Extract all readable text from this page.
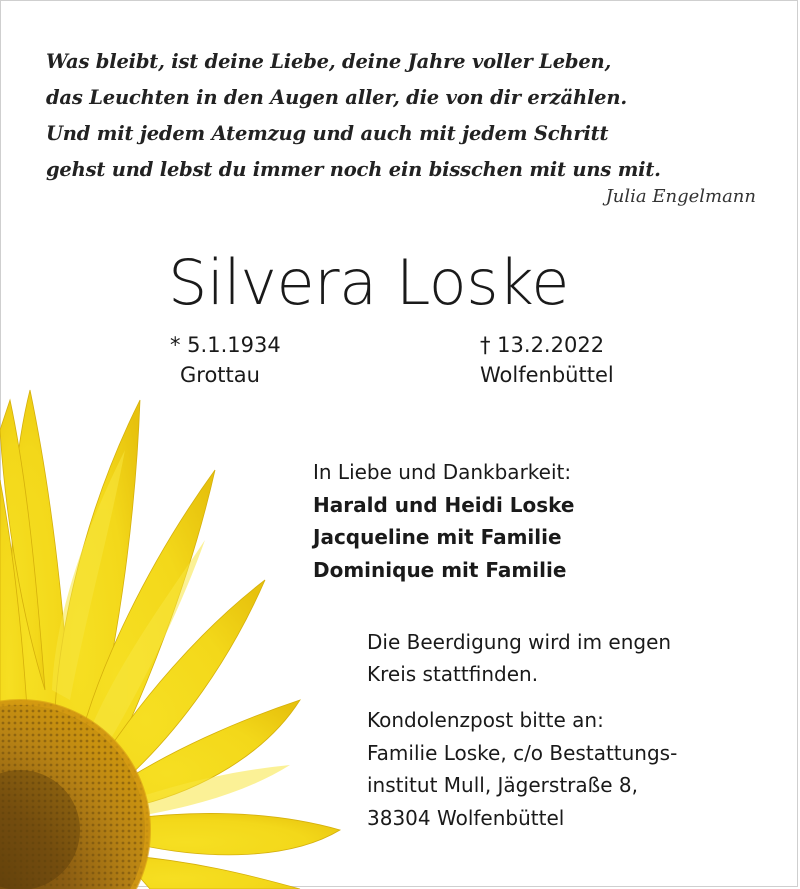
Was bleibt, ist deine Liebe, deine Jahre voller Leben,
das Leuchten in den Augen aller, die von dir erzählen.
Und mit jedem Atemzug und auch mit jedem Schritt
gehst und lebst du immer noch ein bisschen mit uns mit.
Julia Engelmann
Silvera Loske
* 5.1.1934
Grottau
† 13.2.2022
Wolfenbüttel
In Liebe und Dankbarkeit:
Harald und Heidi Loske
Jacqueline mit Familie
Dominique mit Familie
Die Beerdigung wird im engen
Kreis stattfinden.
Kondolenzpost bitte an:
Familie Loske, c/o Bestattungs-
institut Mull, Jägerstraße 8,
38304 Wolfenbüttel
